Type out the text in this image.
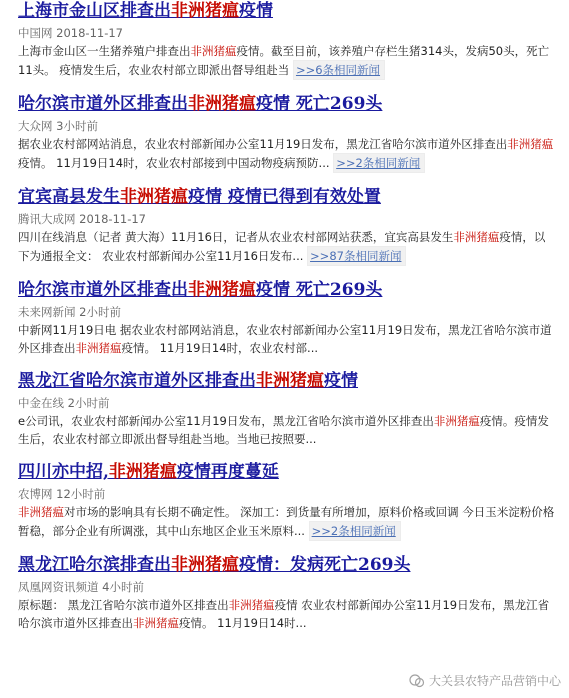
上海市金山区排查出非洲猪瘟疫情
中国网 2018-11-17
上海市金山区一生猪养殖户排查出非洲猪瘟疫情。截至目前，该养殖户存栏生猪314头，发病50头，死亡11头。 疫情发生后，农业农村部立即派出督导组赴当 >>6条相同新闻
哈尔滨市道外区排查出非洲猪瘟疫情 死亡269头
大众网 3小时前
据农业农村部网站消息，农业农村部新闻办公室11月19日发布，黑龙江省哈尔滨市道外区排查出非洲猪瘟疫情。 11月19日14时，农业农村部接到中国动物疫病预防... >>2条相同新闻
宜宾高县发生非洲猪瘟疫情 疫情已得到有效处置
腾讯大成网 2018-11-17
四川在线消息（记者 黄大海）11月16日，记者从农业农村部网站获悉，宜宾高县发生非洲猪瘟疫情，以下为通报全文： 农业农村部新闻办公室11月16日发布... >>87条相同新闻
哈尔滨市道外区排查出非洲猪瘟疫情 死亡269头
未来网新闻 2小时前
中新网11月19日电 据农业农村部网站消息，农业农村部新闻办公室11月19日发布，黑龙江省哈尔滨市道外区排查出非洲猪瘟疫情。 11月19日14时，农业农村部...
黑龙江省哈尔滨市道外区排查出非洲猪瘟疫情
中金在线 2小时前
e公司讯，农业农村部新闻办公室11月19日发布，黑龙江省哈尔滨市道外区排查出非洲猪瘟疫情。疫情发生后，农业农村部立即派出督导组赴当地。当地已按照要...
四川亦中招,非洲猪瘟疫情再度蔓延
农博网 12小时前
非洲猪瘟对市场的影响具有长期不确定性。 深加工：到货量有所增加，原料价格或回调 今日玉米淀粉价格暂稳，部分企业有所调涨，其中山东地区企业玉米原料... >>2条相同新闻
黑龙江哈尔滨排查出非洲猪瘟疫情：发病死亡269头
凤凰网资讯频道 4小时前
原标题： 黑龙江省哈尔滨市道外区排查出非洲猪瘟疫情 农业农村部新闻办公室11月19日发布，黑龙江省哈尔滨市道外区排查出非洲猪瘟疫情。 11月19日14时...
大关县农特产品营销中心
